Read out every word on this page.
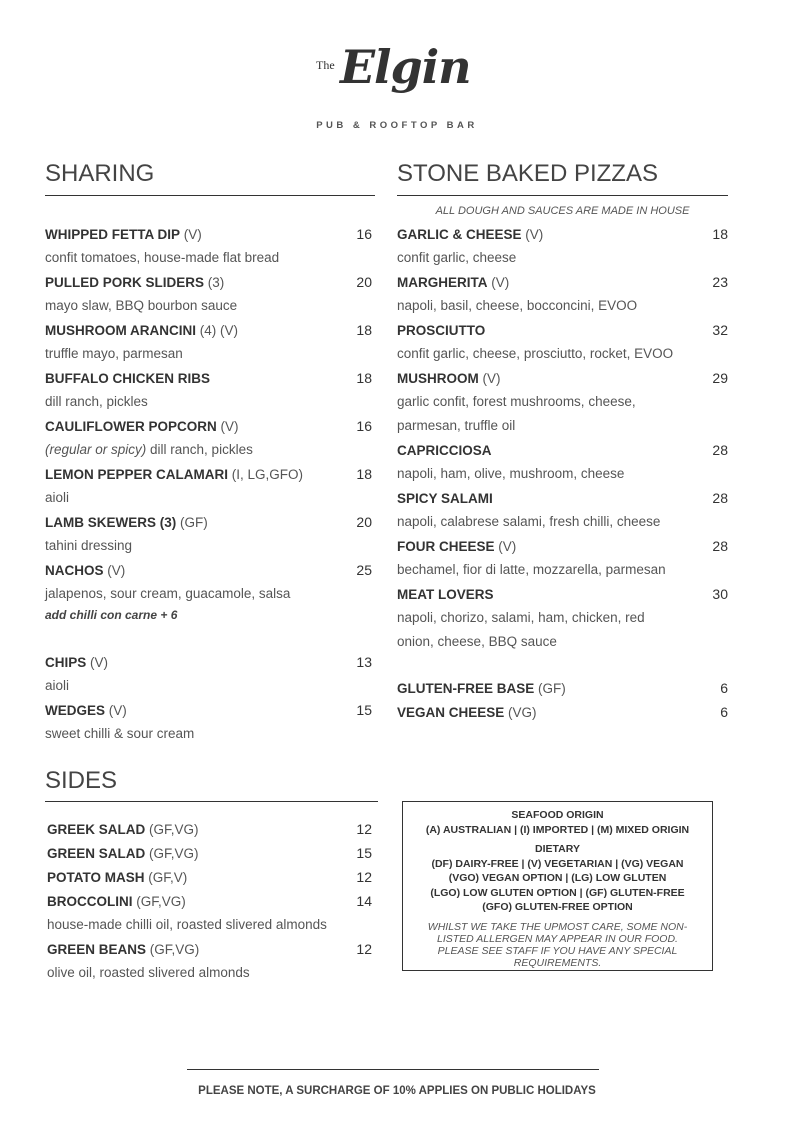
The Elgin
PUB & ROOFTOP BAR
SHARING
WHIPPED FETTA DIP (V)	16
confit tomatoes, house-made flat bread
PULLED PORK SLIDERS (3)	20
mayo slaw, BBQ bourbon sauce
MUSHROOM ARANCINI (4) (V)	18
truffle mayo, parmesan
BUFFALO CHICKEN RIBS	18
dill ranch, pickles
CAULIFLOWER POPCORN (V)	16
(regular or spicy) dill ranch, pickles
LEMON PEPPER CALAMARI (I, LG,GFO)	18
aioli
LAMB SKEWERS (3) (GF)	20
tahini dressing
NACHOS (V)	25
jalapenos, sour cream, guacamole, salsa
add chilli con carne + 6
CHIPS (V)	13
aioli
WEDGES (V)	15
sweet chilli & sour cream
STONE BAKED PIZZAS
ALL DOUGH AND SAUCES ARE MADE IN HOUSE
GARLIC & CHEESE (V)	18
confit garlic, cheese
MARGHERITA (V)	23
napoli, basil, cheese, bocconcini, EVOO
PROSCIUTTO	32
confit garlic, cheese, prosciutto, rocket, EVOO
MUSHROOM (V)	29
garlic confit, forest mushrooms, cheese,
parmesan, truffle oil
CAPRICCIOSA	28
napoli, ham, olive, mushroom, cheese
SPICY SALAMI	28
napoli, calabrese salami, fresh chilli, cheese
FOUR CHEESE (V)	28
bechamel, fior di latte, mozzarella, parmesan
MEAT LOVERS	30
napoli, chorizo, salami, ham, chicken, red
onion, cheese, BBQ sauce
GLUTEN-FREE BASE (GF)	6
VEGAN CHEESE (VG)	6
SIDES
GREEK SALAD (GF,VG)	12
GREEN SALAD (GF,VG)	15
POTATO MASH (GF,V)	12
BROCCOLINI (GF,VG)	14
house-made chilli oil, roasted slivered almonds
GREEN BEANS (GF,VG)	12
olive oil, roasted slivered almonds
SEAFOOD ORIGIN
(A) AUSTRALIAN | (I) IMPORTED | (M) MIXED ORIGIN
DIETARY
(DF) DAIRY-FREE | (V) VEGETARIAN | (VG) VEGAN
(VGO) VEGAN OPTION | (LG) LOW GLUTEN
(LGO) LOW GLUTEN OPTION | (GF) GLUTEN-FREE
(GFO) GLUTEN-FREE OPTION
WHILST WE TAKE THE UPMOST CARE, SOME NON-LISTED ALLERGEN MAY APPEAR IN OUR FOOD. PLEASE SEE STAFF IF YOU HAVE ANY SPECIAL REQUIREMENTS.
PLEASE NOTE, A SURCHARGE OF 10% APPLIES ON PUBLIC HOLIDAYS
